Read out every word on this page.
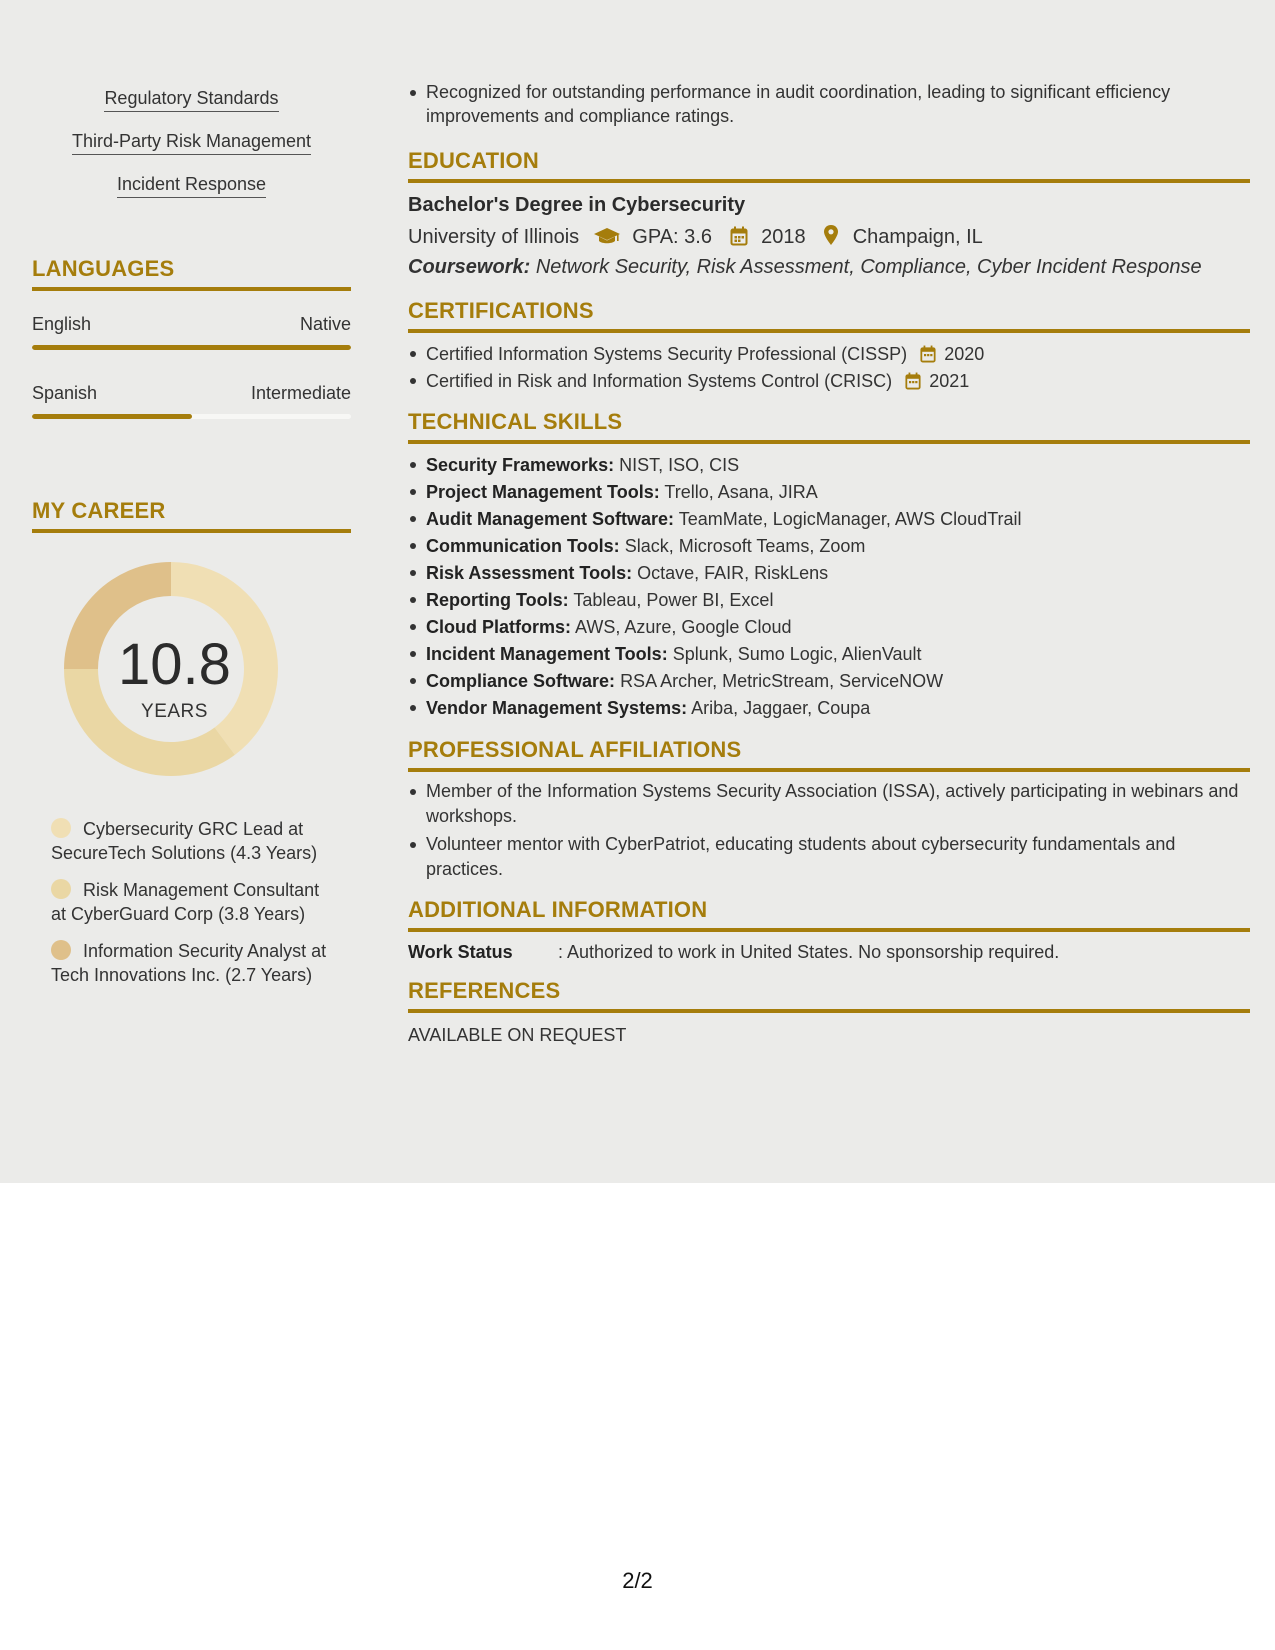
Regulatory Standards
Third-Party Risk Management
Incident Response
LANGUAGES
English	Native
Spanish	Intermediate
MY CAREER
10.8
YEARS
Cybersecurity GRC Lead at SecureTech Solutions (4.3 Years)
Risk Management Consultant at CyberGuard Corp (3.8 Years)
Information Security Analyst at Tech Innovations Inc. (2.7 Years)
Recognized for outstanding performance in audit coordination, leading to significant efficiency improvements and compliance ratings.
EDUCATION
Bachelor's Degree in Cybersecurity
University of Illinois	GPA: 3.6 2018 Champaign, IL
Coursework: Network Security, Risk Assessment, Compliance, Cyber Incident Response
CERTIFICATIONS
Certified Information Systems Security Professional (CISSP) 2020
Certified in Risk and Information Systems Control (CRISC) 2021
TECHNICAL SKILLS
Security Frameworks: NIST, ISO, CIS
Project Management Tools: Trello, Asana, JIRA
Audit Management Software: TeamMate, LogicManager, AWS CloudTrail
Communication Tools: Slack, Microsoft Teams, Zoom
Risk Assessment Tools: Octave, FAIR, RiskLens
Reporting Tools: Tableau, Power BI, Excel
Cloud Platforms: AWS, Azure, Google Cloud
Incident Management Tools: Splunk, Sumo Logic, AlienVault
Compliance Software: RSA Archer, MetricStream, ServiceNOW
Vendor Management Systems: Ariba, Jaggaer, Coupa
PROFESSIONAL AFFILIATIONS
Member of the Information Systems Security Association (ISSA), actively participating in webinars and workshops.
Volunteer mentor with CyberPatriot, educating students about cybersecurity fundamentals and practices.
ADDITIONAL INFORMATION
Work Status	: Authorized to work in United States. No sponsorship required.
REFERENCES
AVAILABLE ON REQUEST
2/2
